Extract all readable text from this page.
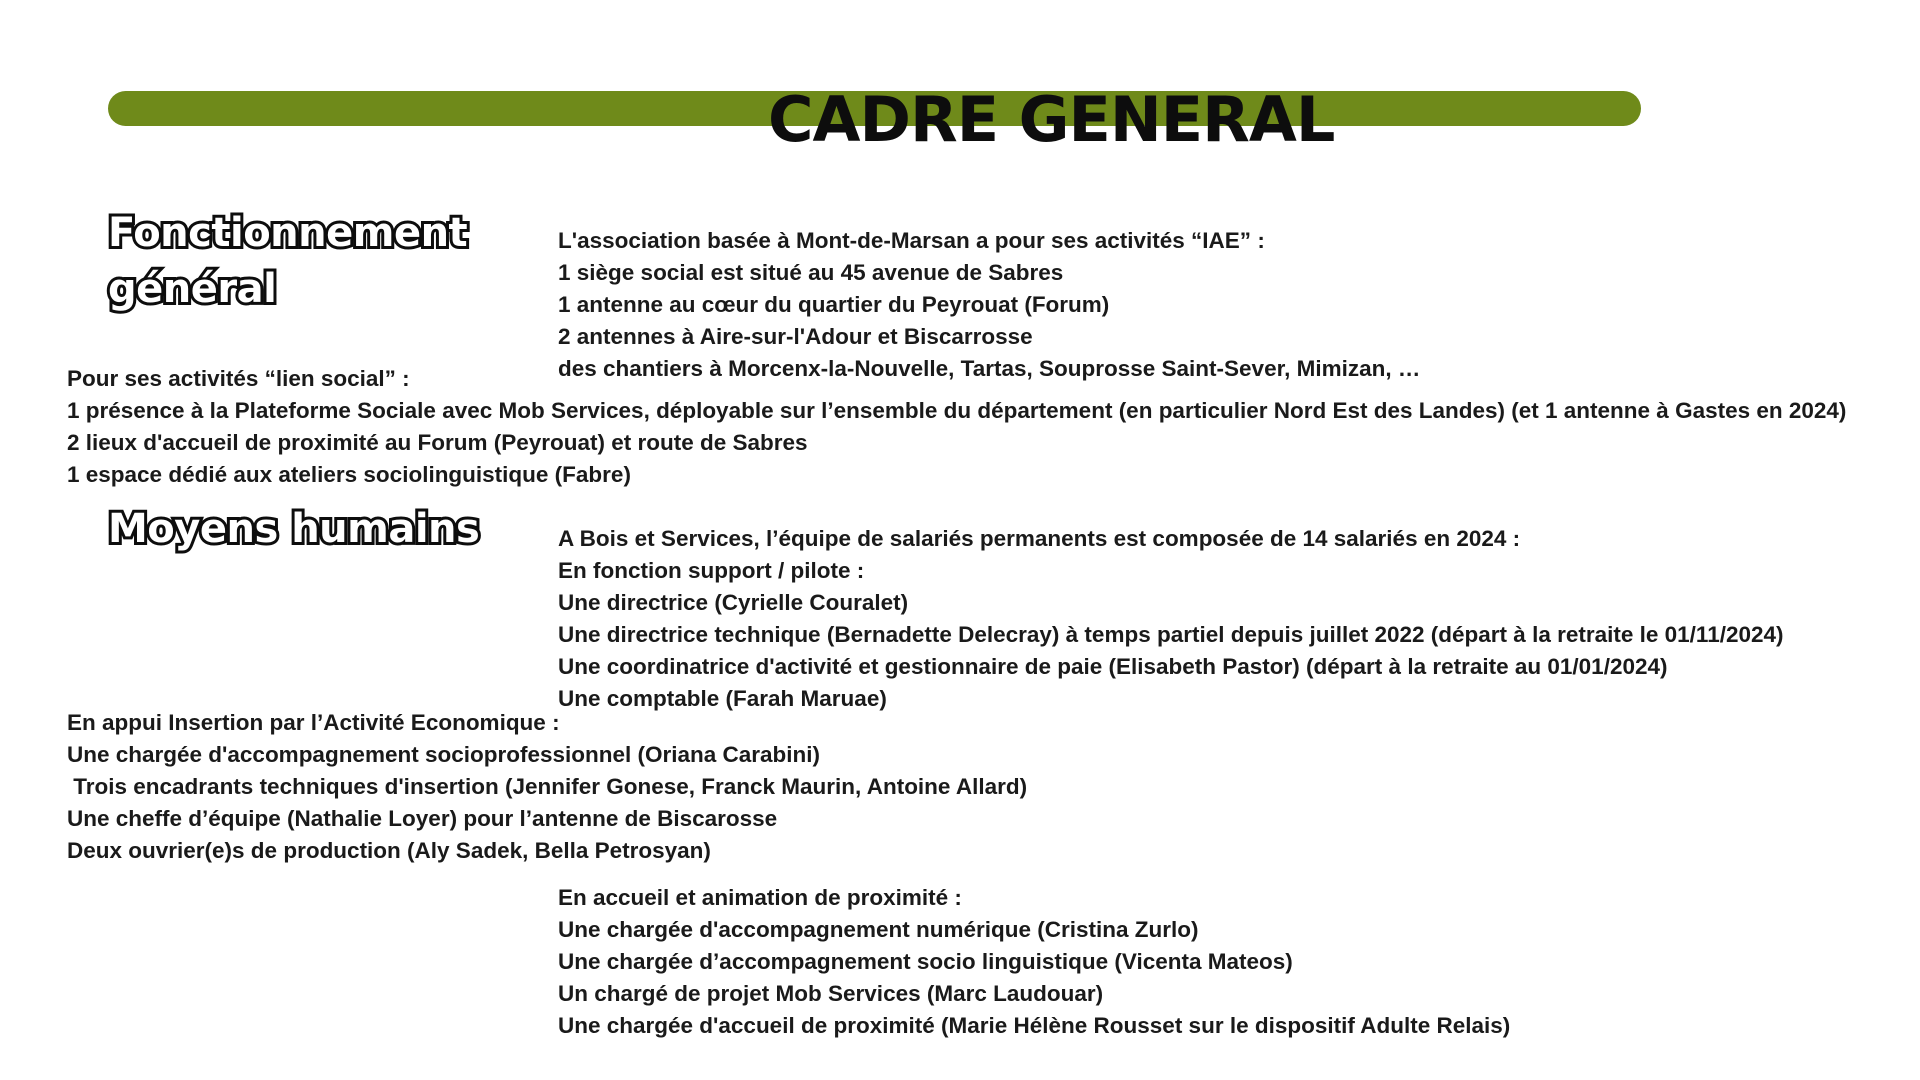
CADRE GENERAL
Fonctionnement
général
L'association basée à Mont-de-Marsan a pour ses activités “IAE” :
1 siège social est situé au 45 avenue de Sabres
1 antenne au cœur du quartier du Peyrouat (Forum)
2 antennes à Aire-sur-l'Adour et Biscarrosse
des chantiers à Morcenx-la-Nouvelle, Tartas, Souprosse Saint-Sever, Mimizan, …
Pour ses activités “lien social” :
1 présence à la Plateforme Sociale avec Mob Services, déployable sur l’ensemble du département (en particulier Nord Est des Landes) (et 1 antenne à Gastes en 2024)
2 lieux d'accueil de proximité au Forum (Peyrouat) et route de Sabres
1 espace dédié aux ateliers sociolinguistique (Fabre)
Moyens humains	A Bois et Services, l’équipe de salariés permanents est composée de 14 salariés en 2024 :
En fonction support / pilote :
Une directrice (Cyrielle Couralet)
Une directrice technique (Bernadette Delecray) à temps partiel depuis juillet 2022 (départ à la retraite le 01/11/2024)
Une coordinatrice d'activité et gestionnaire de paie (Elisabeth Pastor) (départ à la retraite au 01/01/2024)
Une comptable (Farah Maruae)
En appui Insertion par l’Activité Economique :
Une chargée d'accompagnement socioprofessionnel (Oriana Carabini)
Trois encadrants techniques d'insertion (Jennifer Gonese, Franck Maurin, Antoine Allard)
Une cheffe d’équipe (Nathalie Loyer) pour l’antenne de Biscarosse
Deux ouvrier(e)s de production (Aly Sadek, Bella Petrosyan)
En accueil et animation de proximité :
Une chargée d'accompagnement numérique (Cristina Zurlo)
Une chargée d’accompagnement socio linguistique (Vicenta Mateos)
Un chargé de projet Mob Services (Marc Laudouar)
Une chargée d'accueil de proximité (Marie Hélène Rousset sur le dispositif Adulte Relais)
